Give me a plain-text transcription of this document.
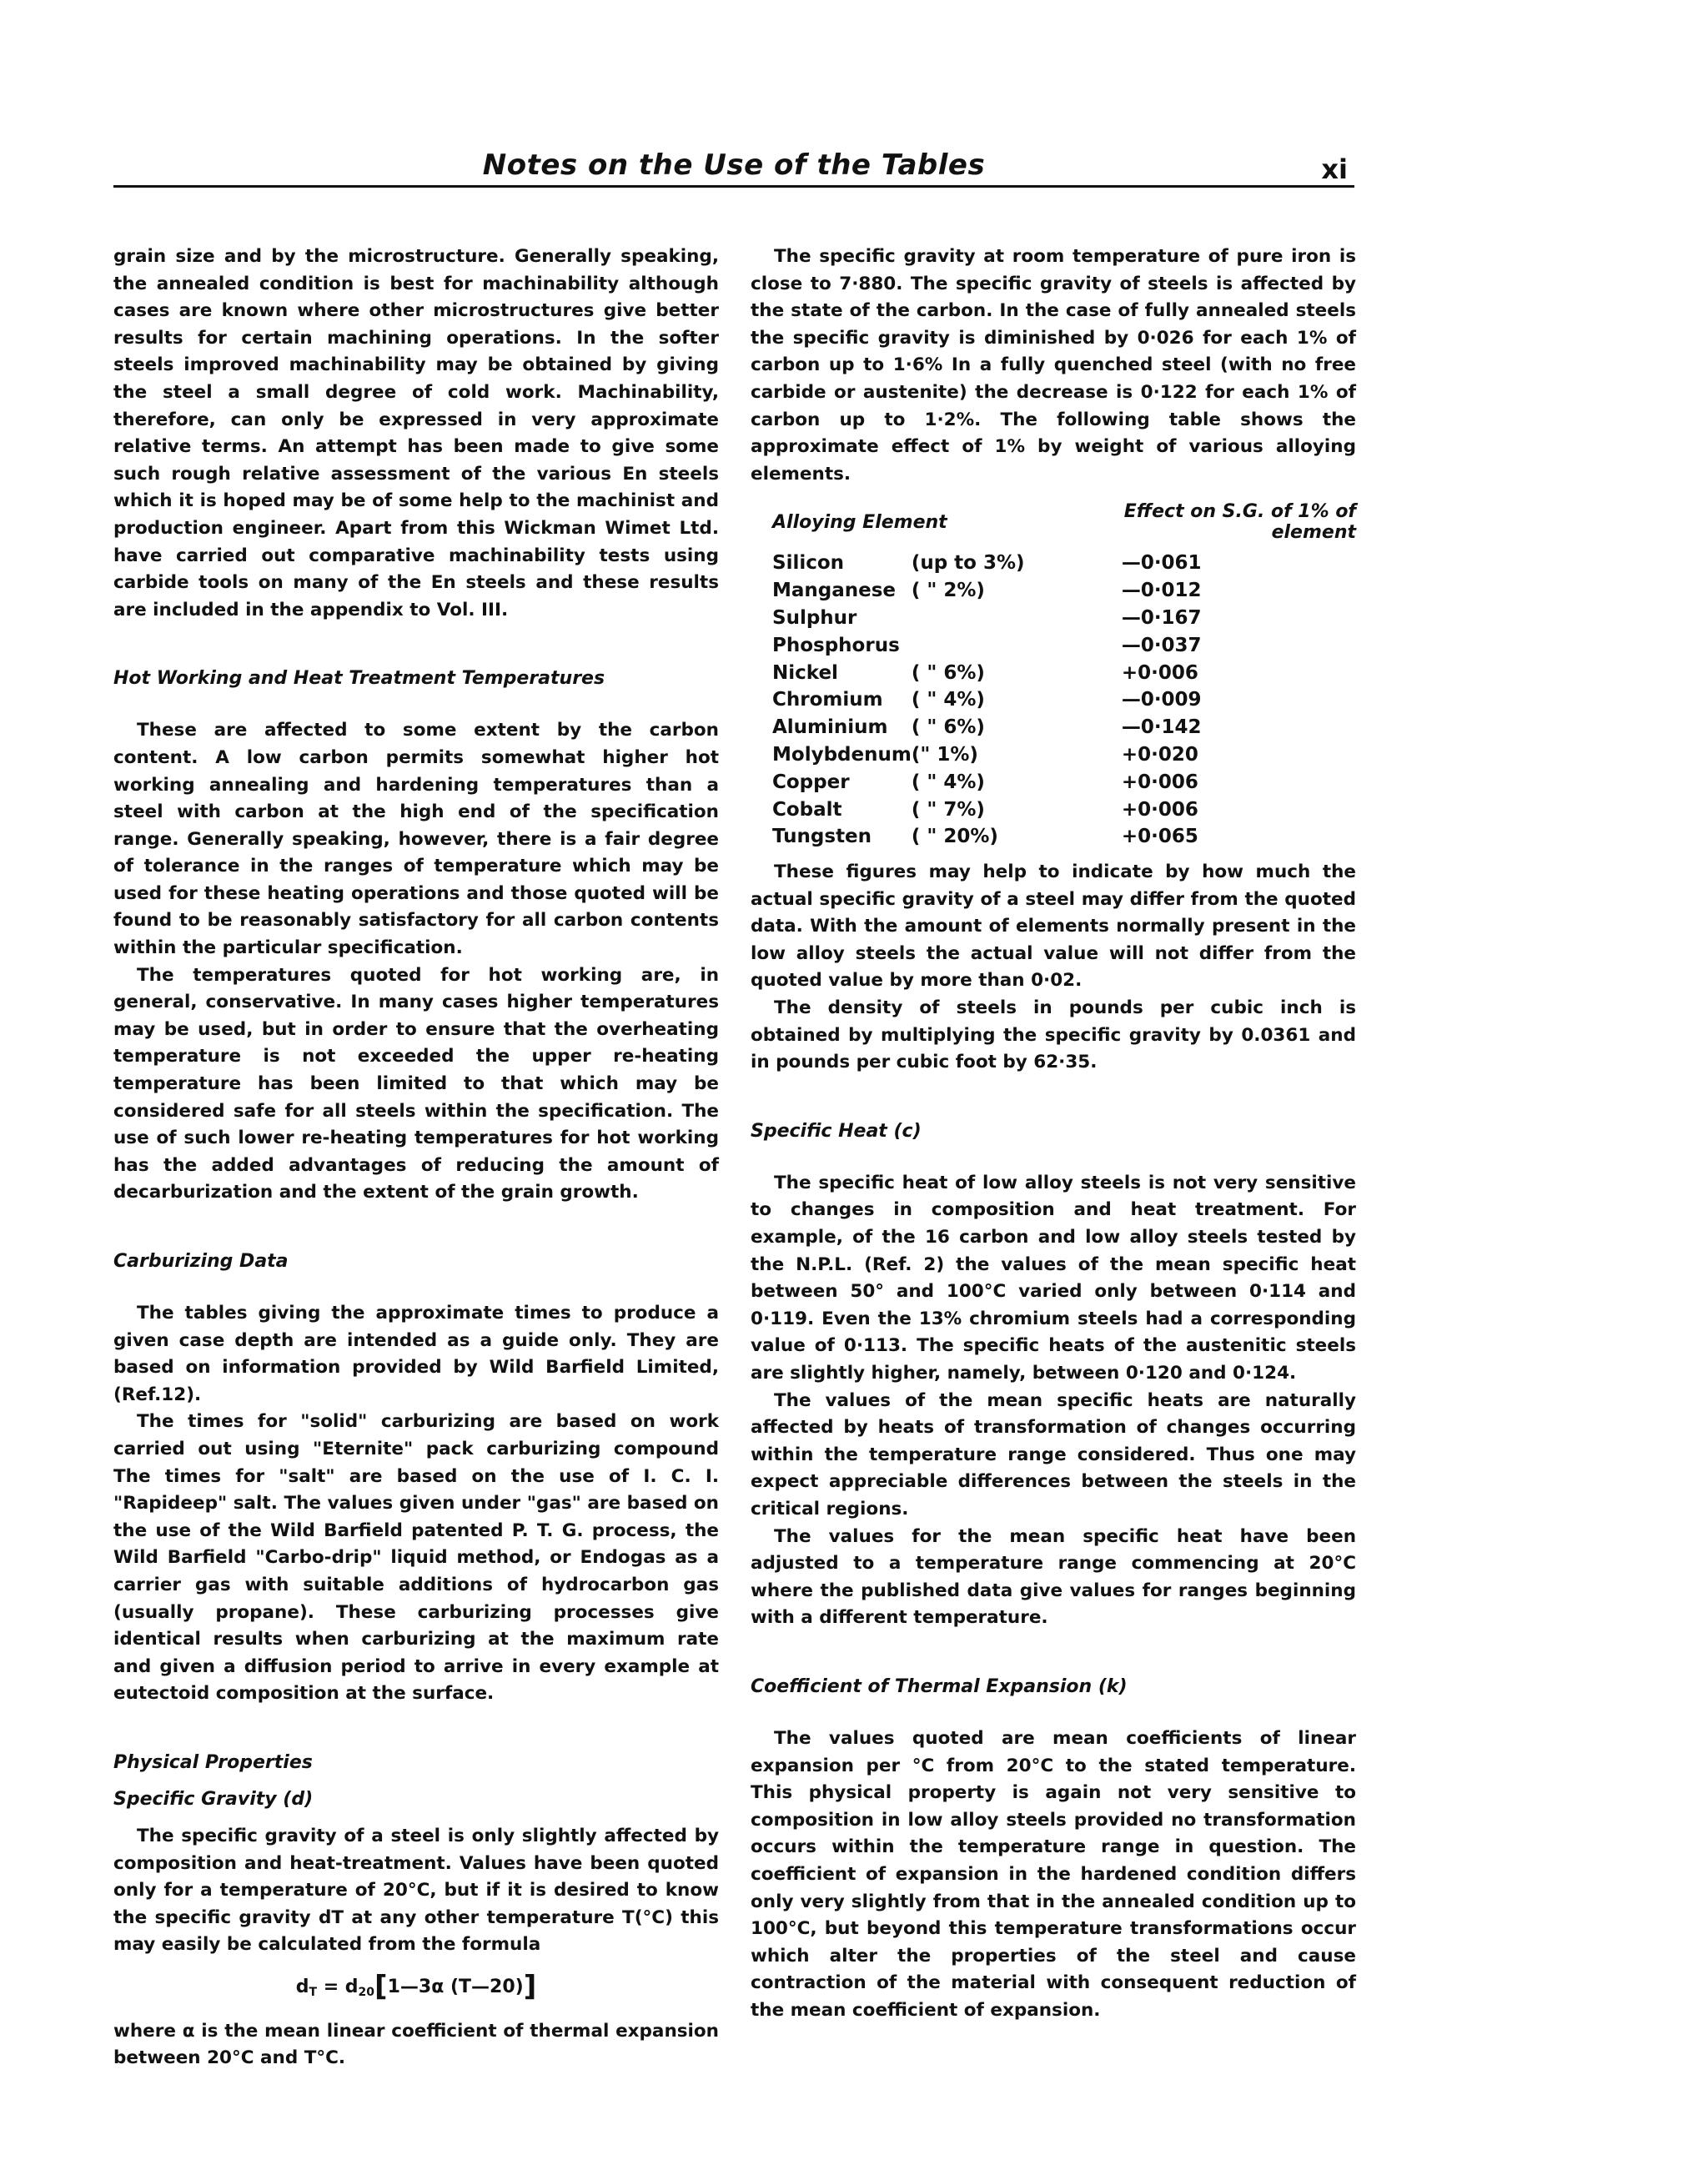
Notes on the Use of the Tables	xi

grain size and by the microstructure. Generally speaking, the annealed condition is best for machinability although cases are known where other microstructures give better results for certain machining operations. In the softer steels improved machinability may be obtained by giving the steel a small degree of cold work. Machinability, therefore, can only be expressed in very approximate relative terms. An attempt has been made to give some such rough relative assessment of the various En steels which it is hoped may be of some help to the machinist and production engineer. Apart from this Wickman Wimet Ltd. have carried out comparative machinability tests using carbide tools on many of the En steels and these results are included in the appendix to Vol. III.

Hot Working and Heat Treatment Temperatures

These are affected to some extent by the carbon content. A low carbon permits somewhat higher hot working annealing and hardening temperatures than a steel with carbon at the high end of the specification range. Generally speaking, however, there is a fair degree of tolerance in the ranges of temperature which may be used for these heating operations and those quoted will be found to be reasonably satisfactory for all carbon contents within the particular specification.

The temperatures quoted for hot working are, in general, conservative. In many cases higher temperatures may be used, but in order to ensure that the overheating temperature is not exceeded the upper re-heating temperature has been limited to that which may be considered safe for all steels within the specification. The use of such lower re-heating temperatures for hot working has the added advantages of reducing the amount of decarburization and the extent of the grain growth.

Carburizing Data

The tables giving the approximate times to produce a given case depth are intended as a guide only. They are based on information provided by Wild Barfield Limited, (Ref.12).

The times for "solid" carburizing are based on work carried out using "Eternite" pack carburizing compound The times for "salt" are based on the use of I. C. I. "Rapideep" salt. The values given under "gas" are based on the use of the Wild Barfield patented P. T. G. process, the Wild Barfield "Carbo-drip" liquid method, or Endogas as a carrier gas with suitable additions of hydrocarbon gas (usually propane). These carburizing processes give identical results when carburizing at the maximum rate and given a diffusion period to arrive in every example at eutectoid composition at the surface.

Physical Properties
Specific Gravity (d)

The specific gravity of a steel is only slightly affected by composition and heat-treatment. Values have been quoted only for a temperature of 20°C, but if it is desired to know the specific gravity dT at any other temperature T(°C) this may easily be calculated from the formula

$d_T$ = $d_{20}[1—3\alpha$ (T—20)]

where α is the mean linear coefficient of thermal expansion between 20°C and T°C.

The specific gravity at room temperature of pure iron is close to 7·880. The specific gravity of steels is affected by the state of the carbon. In the case of fully annealed steels the specific gravity is diminished by 0·026 for each 1% of carbon up to 1·6% In a fully quenched steel (with no free carbide or austenite) the decrease is 0·122 for each 1% of carbon up to 1·2%. The following table shows the approximate effect of 1% by weight of various alloying elements.

Alloying Element		Effect on S.G. of 1% of element
Silicon	(up to 3%)	—0·061
Manganese	( " 2%)	—0·012
Sulphur		—0·167
Phosphorus		—0·037
Nickel	( " 6%)	+0·006
Chromium	( " 4%)	—0·009
Aluminium	( " 6%)	—0·142
Molybdenum	(" 1%)	+0·020
Copper	( " 4%)	+0·006
Cobalt	( " 7%)	+0·006
Tungsten	( " 20%)	+0·065

These figures may help to indicate by how much the actual specific gravity of a steel may differ from the quoted data. With the amount of elements normally present in the low alloy steels the actual value will not differ from the quoted value by more than 0·02.

The density of steels in pounds per cubic inch is obtained by multiplying the specific gravity by 0.0361 and in pounds per cubic foot by 62·35.

Specific Heat (c)

The specific heat of low alloy steels is not very sensitive to changes in composition and heat treatment. For example, of the 16 carbon and low alloy steels tested by the N.P.L. (Ref. 2) the values of the mean specific heat between 50° and 100°C varied only between 0·114 and 0·119. Even the 13% chromium steels had a corresponding value of 0·113. The specific heats of the austenitic steels are slightly higher, namely, between 0·120 and 0·124.

The values of the mean specific heats are naturally affected by heats of transformation of changes occurring within the temperature range considered. Thus one may expect appreciable differences between the steels in the critical regions.

The values for the mean specific heat have been adjusted to a temperature range commencing at 20°C where the published data give values for ranges beginning with a different temperature.

Coefficient of Thermal Expansion (k)

The values quoted are mean coefficients of linear expansion per °C from 20°C to the stated temperature. This physical property is again not very sensitive to composition in low alloy steels provided no transformation occurs within the temperature range in question. The coefficient of expansion in the hardened condition differs only very slightly from that in the annealed condition up to 100°C, but beyond this temperature transformations occur which alter the properties of the steel and cause contraction of the material with consequent reduction of the mean coefficient of expansion.
